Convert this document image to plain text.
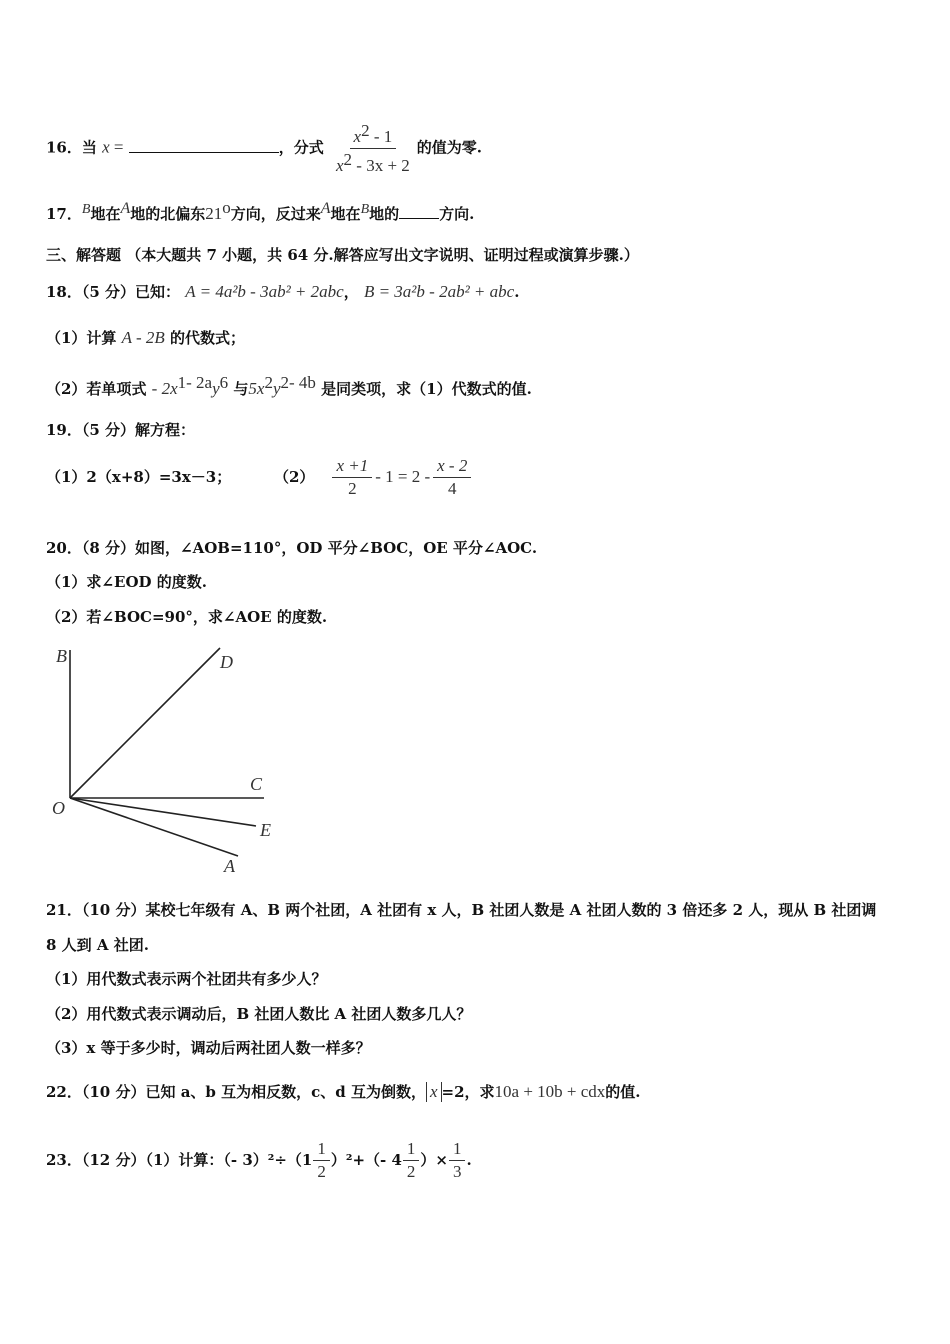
16．当 x =	，分式 $\frac{x^2 - 1}{x^2 - 3x + 2}$ 的值为零.
17．$^B$地在$^A$地的北偏东21$^o$方向，反过来$^A$地在$^B$地的	方向.
三、解答题 （本大题共 7 小题，共 64 分.解答应写出文字说明、证明过程或演算步骤.）
18．（5 分）已知： A = 4a²b - 3ab² + 2abc， B = 3a²b - 2ab² + abc.
（1）计算 A - 2B 的代数式；
（2）若单项式 - $2x^{1- 2a}y^6$ 与$5x^2y^{2- 4b}$ 是同类项，求（1）代数式的值.
19．（5 分）解方程：
（1）2（x+8）=3x－3；	$(2) \frac{x +1}{2} - 1 = 2 - \frac{x - 2}{4}$
20．（8 分）如图，∠AOB=110°，OD 平分∠BOC，OE 平分∠AOC.
（1）求∠EOD 的度数.
（2）若∠BOC=90°，求∠AOE 的度数.
B	D
C
O
E
A
21．（10 分）某校七年级有 A、B 两个社团，A 社团有 x 人，B 社团人数是 A 社团人数的 3 倍还多 2 人，现从 B 社团调
8 人到 A 社团.
（1）用代数式表示两个社团共有多少人？
（2）用代数式表示调动后，B 社团人数比 A 社团人数多几人？
（3）x 等于多少时，调动后两社团人数一样多？
22．（10 分）已知 a、b 互为相反数，c、d 互为倒数， x =2，求10a + 10b + cdx的值.
23．（12 分）（1）计算：（- $3)^2\div(1 \frac{1}{2} )^2+(-$ $4 \frac{1}{2}$ ）× $\frac{1}{3}$ .
